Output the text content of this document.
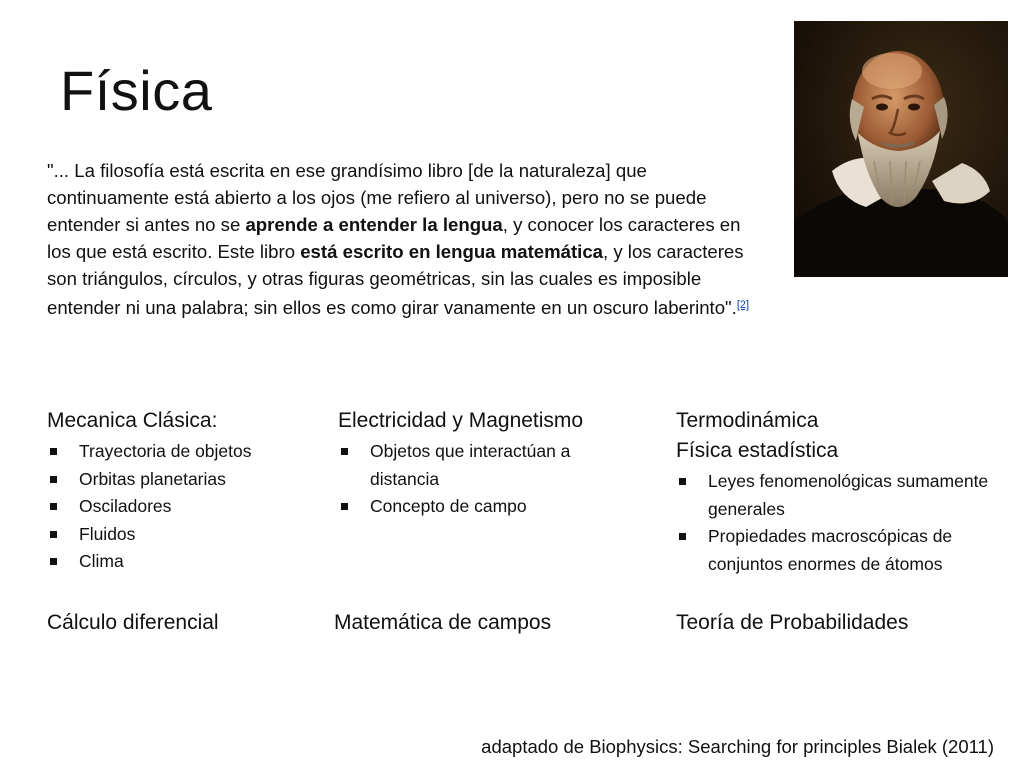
Física
"... La filosofía está escrita en ese grandísimo libro [de la naturaleza] que continuamente está abierto a los ojos (me refiero al universo), pero no se puede entender si antes no se aprende a entender la lengua, y conocer los caracteres en los que está escrito. Este libro está escrito en lengua matemática, y los caracteres son triángulos, círculos, y otras figuras geométricas, sin las cuales es imposible entender ni una palabra; sin ellos es como girar vanamente en un oscuro laberinto".[2]
Mecanica Clásica:
Trayectoria de objetos
Orbitas planetarias
Osciladores
Fluidos
Clima
Electricidad y Magnetismo
Objetos que interactúan a distancia
Concepto de campo
Termodinámica
Física estadística
Leyes fenomenológicas sumamente generales
Propiedades macroscópicas de conjuntos enormes de átomos
Cálculo diferencial	Matemática de campos	Teoría de Probabilidades
adaptado de Biophysics: Searching for principles Bialek (2011)
